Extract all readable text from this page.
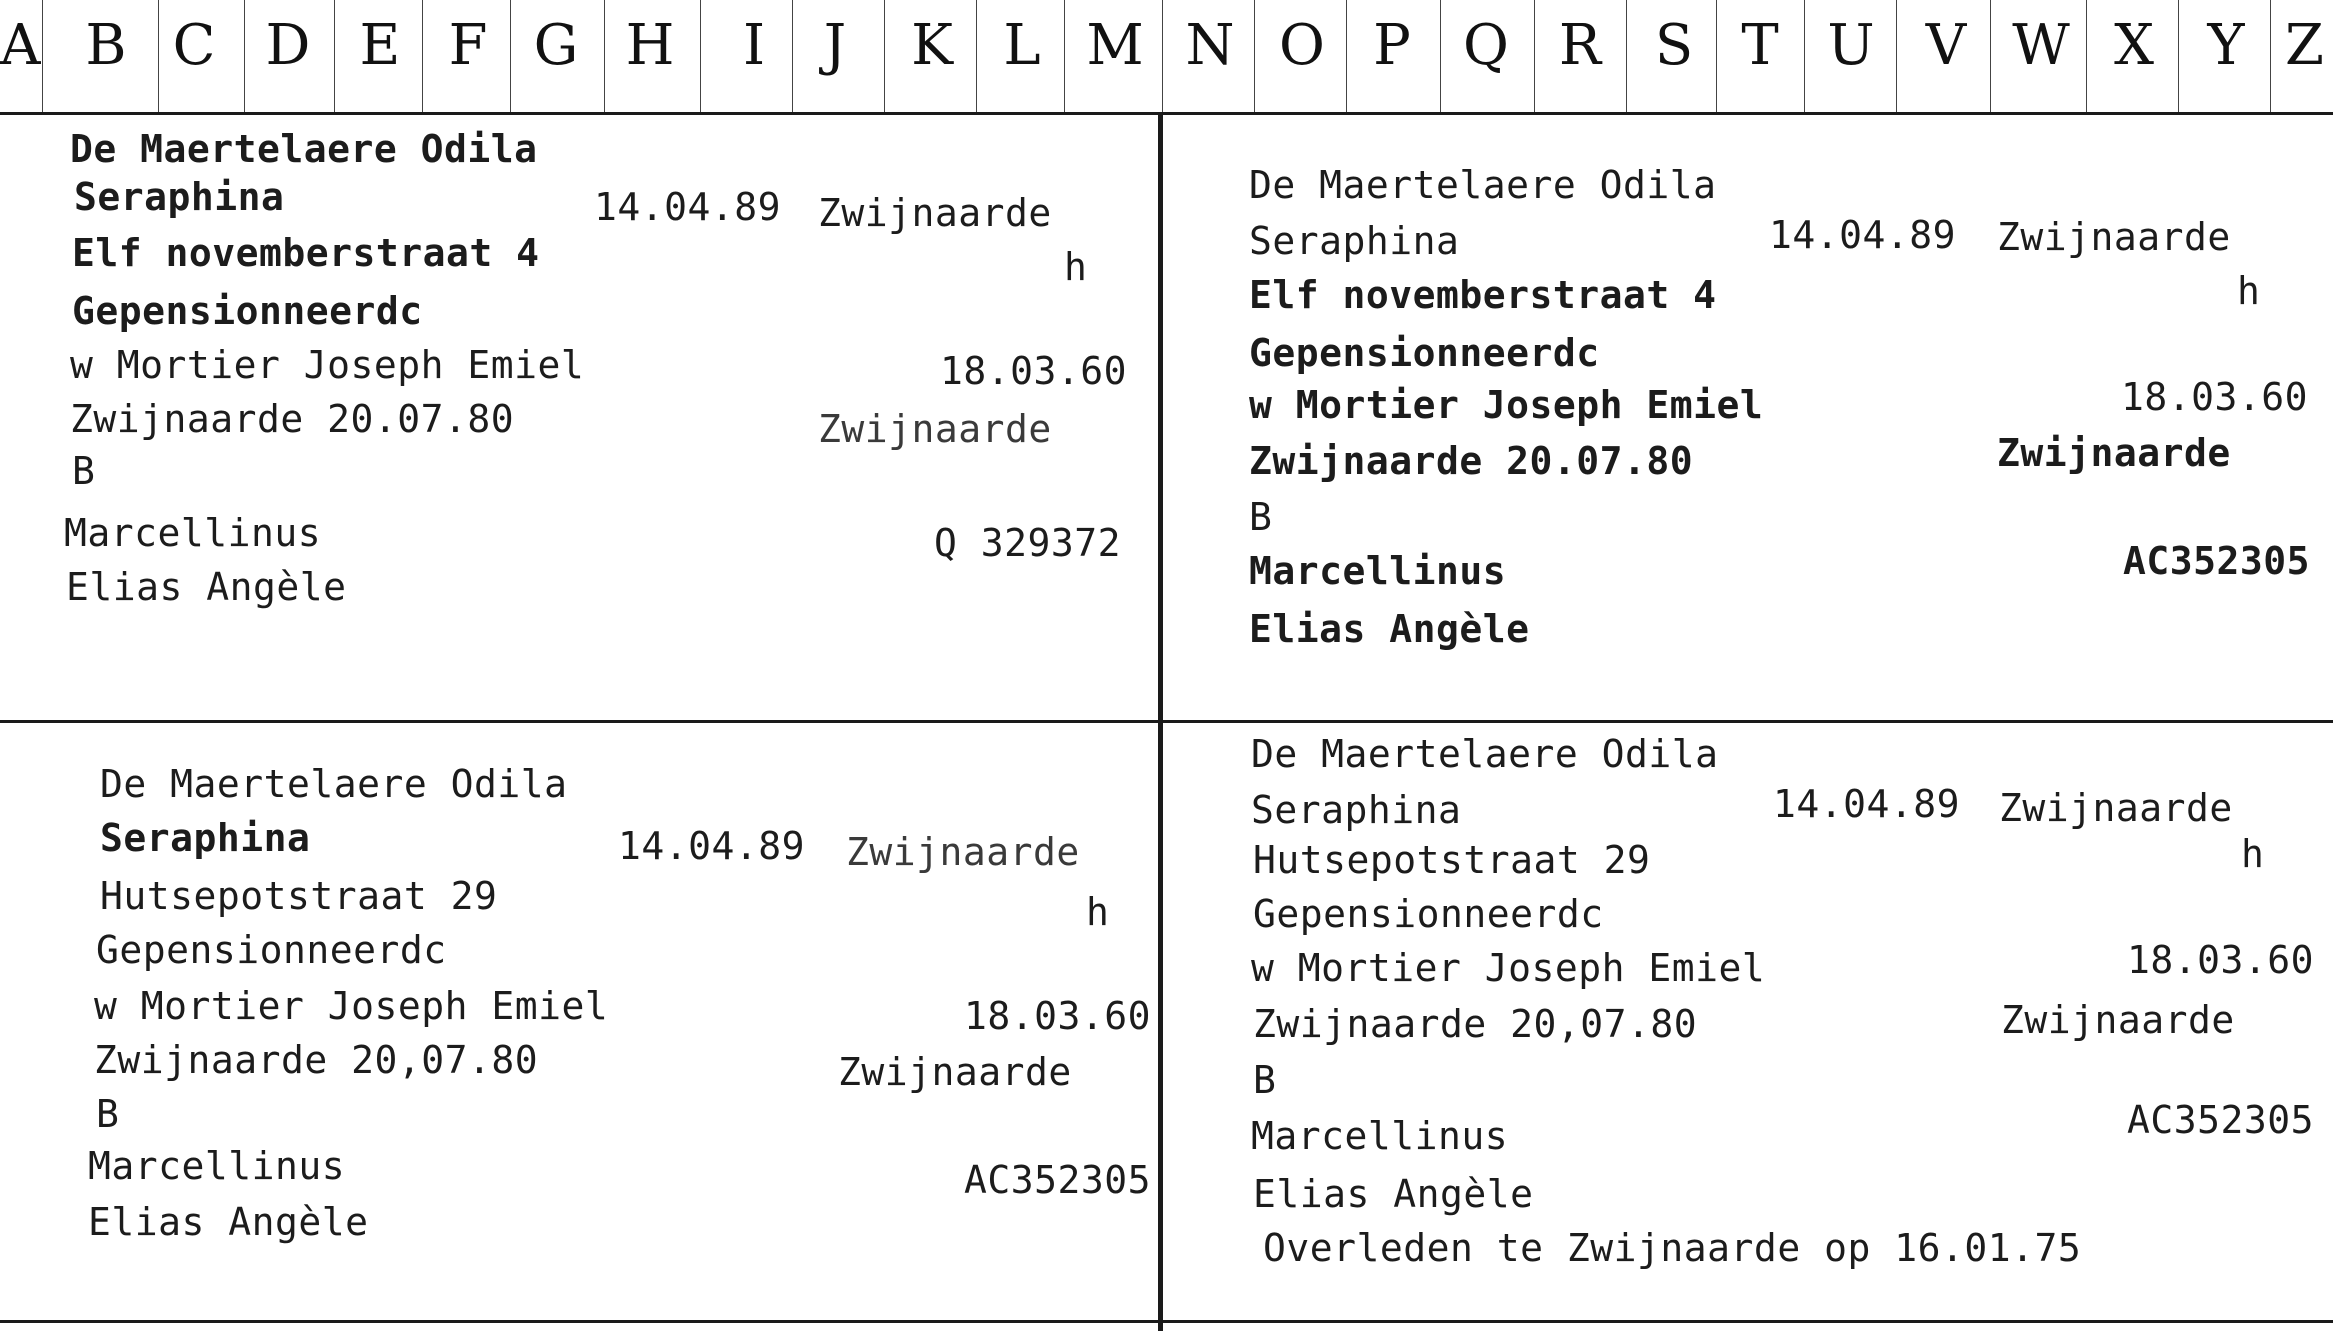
A B C D E F G H	I	J	K L M N O P Q R S T U V W X Y Z
De Maertelaere Odila
Seraphina	14.04.89 Zwijnaarde
Elf novemberstraat 4	h
Gepensionneerdc
w Mortier Joseph Emiel	18.03.60
Zwijnaarde 20.07.80	Zwijnaarde
B
Marcellinus	Q 329372
Elias Angèle
De Maertelaere Odila
Seraphina	14.04.89 Zwijnaarde
Elf novemberstraat 4	h
Gepensionneerdc
w Mortier Joseph Emiel	18.03.60
Zwijnaarde 20.07.80	Zwijnaarde
B
Marcellinus	AC352305
Elias Angèle
De Maertelaere Odila
Seraphina	14.04.89 Zwijnaarde
Hutsepotstraat 29	h
Gepensionneerdc
w Mortier Joseph Emiel	18.03.60
Zwijnaarde 20,07.80	Zwijnaarde
B
Marcellinus	AC352305
Elias Angèle
De Maertelaere Odila
Seraphina	14.04.89 Zwijnaarde
Hutsepotstraat 29	h
Gepensionneerdc
w Mortier Joseph Emiel	18.03.60
Zwijnaarde 20,07.80	Zwijnaarde
B
Marcellinus	AC352305
Elias Angèle
Overleden te Zwijnaarde op 16.01.75
